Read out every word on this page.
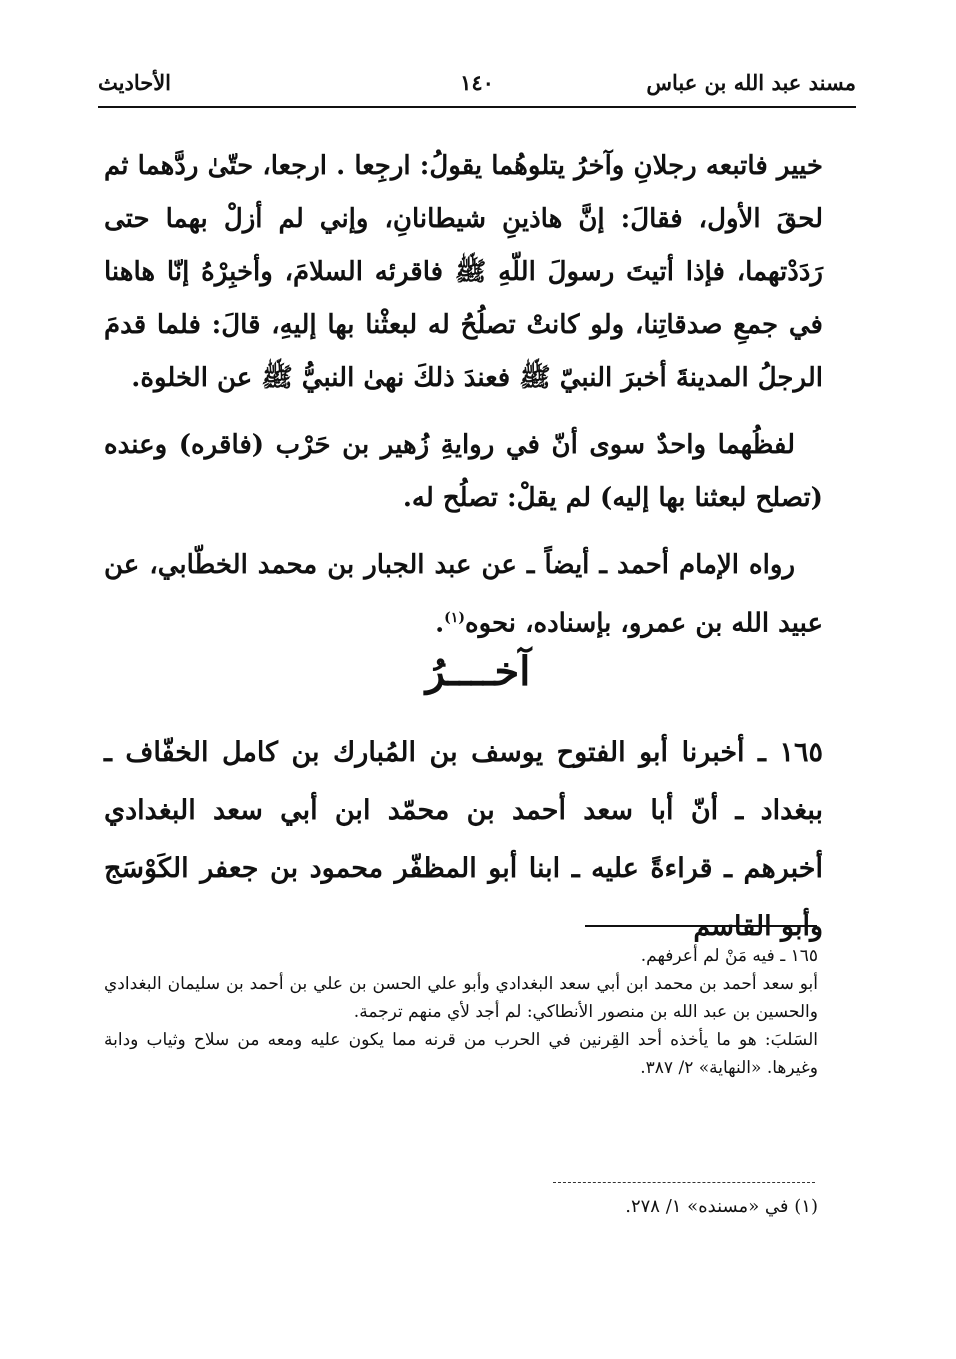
مسند عبد الله بن عباس
١٤٠
الأحاديث

خيير فاتبعه رجلانِ وآخرُ يتلوهُما يقولُ: ارجِعا . ارجعا، حتّىٰ ردَّهما ثم لحقَ الأول، فقالَ: إنَّ هاذينِ شيطانانِ، وإني لم أزلْ بهما حتى رَدَدْتهما، فإذا أتيتَ رسولَ اللّهِ ﷺ فاقرئه السلامَ، وأخبِرْهُ إنّا هاهنا في جمعِ صدقاتِنا، ولو كانتْ تصلُحُ له لبعثْنا بها إليهِ، قالَ: فلما قدمَ الرجلُ المدينةَ أخبرَ النبيّ ﷺ فعندَ ذلكَ نهىٰ النبيُّ ﷺ عن الخلوة.

لفظُهما واحدٌ سوى أنّ في روايةِ زُهير بن حَرْب (فاقره) وعنده (تصلح لبعثنا بها إليه) لم يقلْ: تصلُح له.

رواه الإمام أحمد ـ أيضاً ـ عن عبد الجبار بن محمد الخطّابي، عن عبيد الله بن عمرو، بإسناده، نحوه$^{(١)}$.

آخــــرُ

١٦٥ ـ أخبرنا أبو الفتوح يوسف بن المُبارك بن كامل الخفّاف ـ ببغداد ـ أنّ أبا سعد أحمد بن محمّد ابن أبي سعد البغدادي أخبرهم ـ قراءةً عليه ـ ابنا أبو المظفّر محمود بن جعفر الكَوْسَج وأبو القاسم

١٦٥ ـ فيه مَنْ لم أعرفهم.

أبو سعد أحمد بن محمد ابن أبي سعد البغدادي وأبو علي الحسن بن علي بن أحمد بن سليمان البغدادي والحسين بن عبد الله بن منصور الأنطاكي: لم أجد لأي منهم ترجمة.

السَلبَ: هو ما يأخذه أحد القِرنين في الحرب من قرنه مما يكون عليه ومعه من سلاح وثياب ودابة وغيرها. «النهاية» ٢/ ٣٨٧.

(١) في «مسنده» ١/ ٢٧٨.
